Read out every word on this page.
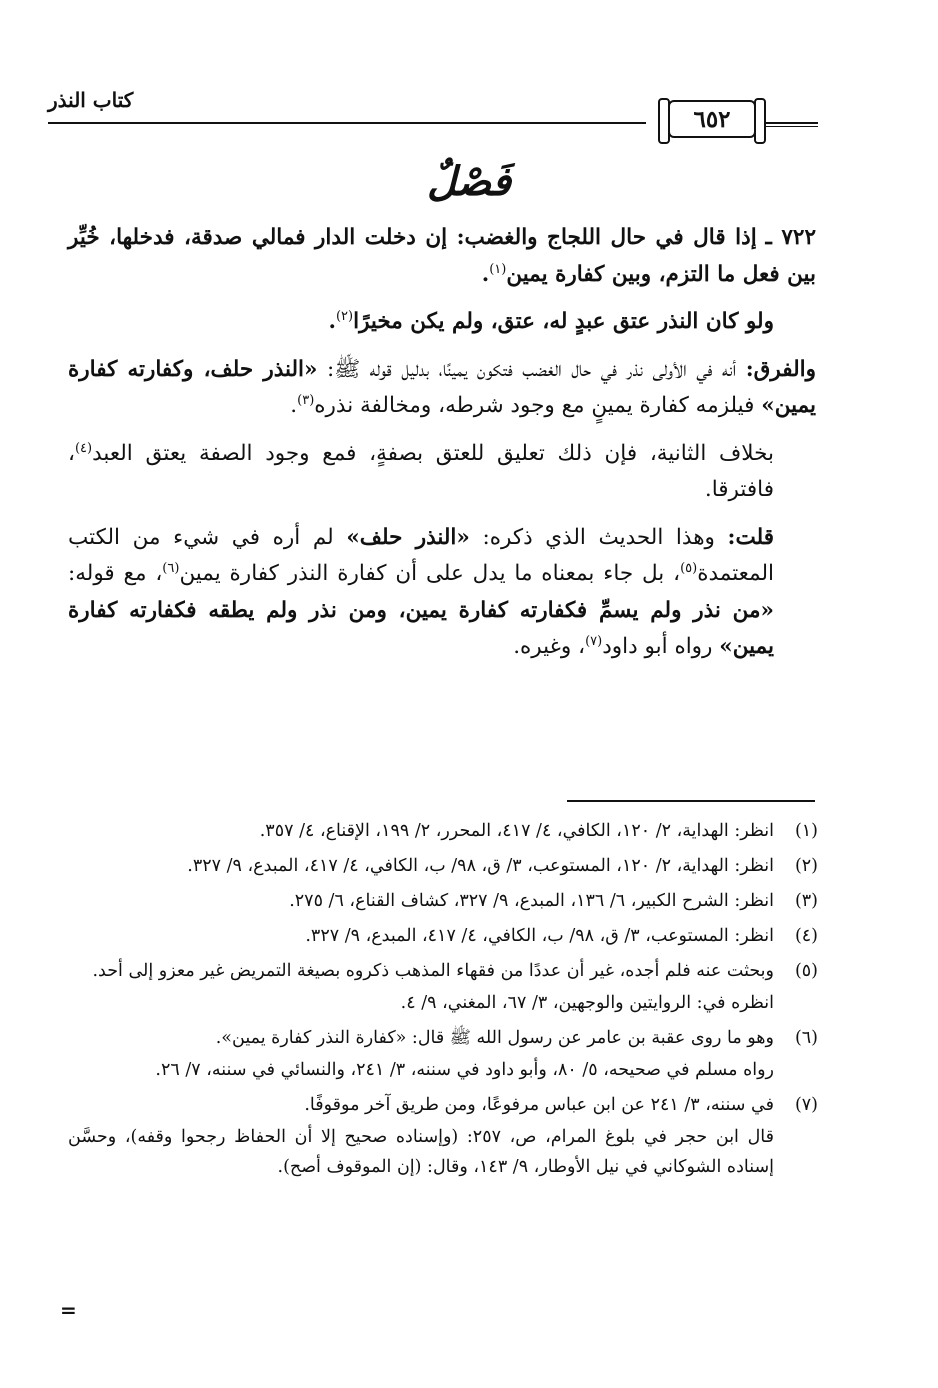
كتاب النذر
٦٥٢
فَصْلٌ

٧٢٢ ـ إذا قال في حال اللجاج والغضب: إن دخلت الدار فمالي صدقة، فدخلها، خُيِّر بين فعل ما التزم، وبين كفارة يمين$^{(١)}$.

ولو كان النذر عتق عبدٍ له، عتق، ولم يكن مخيرًا$^{(٢)}$.

والفرق: أنه في الأولى نذر في حال الغضب فتكون يمينًا، بدليل قوله ﷺ: «النذر حلف، وكفارته كفارة يمين» فيلزمه كفارة يمينٍ مع وجود شرطه، ومخالفة نذره$^{(٣)}$.

بخلاف الثانية، فإن ذلك تعليق للعتق بصفةٍ، فمع وجود الصفة يعتق العبد$^{(٤)}$، فافترقا.

قلت: وهذا الحديث الذي ذكره: «النذر حلف» لم أره في شيء من الكتب المعتمدة$^{(٥)}$، بل جاء بمعناه ما يدل على أن كفارة النذر كفارة يمين$^{(٦)}$، مع قوله: «من نذر ولم يسمِّ فكفارته كفارة يمين، ومن نذر ولم يطقه فكفارته كفارة يمين» رواه أبو داود$^{(٧)}$، وغيره.

(١)

انظر: الهداية، ٢/ ١٢٠، الكافي، ٤/ ٤١٧، المحرر، ٢/ ١٩٩، الإقناع، ٤/ ٣٥٧.

(٢)

انظر: الهداية، ٢/ ١٢٠، المستوعب، ٣/ ق، ٩٨/ ب، الكافي، ٤/ ٤١٧، المبدع، ٩/ ٣٢٧.

(٣)

انظر: الشرح الكبير، ٦/ ١٣٦، المبدع، ٩/ ٣٢٧، كشاف القناع، ٦/ ٢٧٥.

(٤)

انظر: المستوعب، ٣/ ق، ٩٨/ ب، الكافي، ٤/ ٤١٧، المبدع، ٩/ ٣٢٧.

(٥)

وبحثت عنه فلم أجده، غير أن عددًا من فقهاء المذهب ذكروه بصيغة التمريض غير معزو إلى أحد.

انظره في: الروايتين والوجهين، ٣/ ٦٧، المغني، ٩/ ٤.

(٦)

وهو ما روى عقبة بن عامر عن رسول الله ﷺ قال: «كفارة النذر كفارة يمين».

رواه مسلم في صحيحه، ٥/ ٨٠، وأبو داود في سننه، ٣/ ٢٤١، والنسائي في سننه، ٧/ ٢٦.

(٧)

في سننه، ٣/ ٢٤١ عن ابن عباس مرفوعًا، ومن طريق آخر موقوفًا.

قال ابن حجر في بلوغ المرام، ص، ٢٥٧: (وإسناده صحيح إلا أن الحفاظ رجحوا وقفه)، وحسَّن إسناده الشوكاني في نيل الأوطار، ٩/ ١٤٣، وقال: (إن الموقوف أصح).

=
